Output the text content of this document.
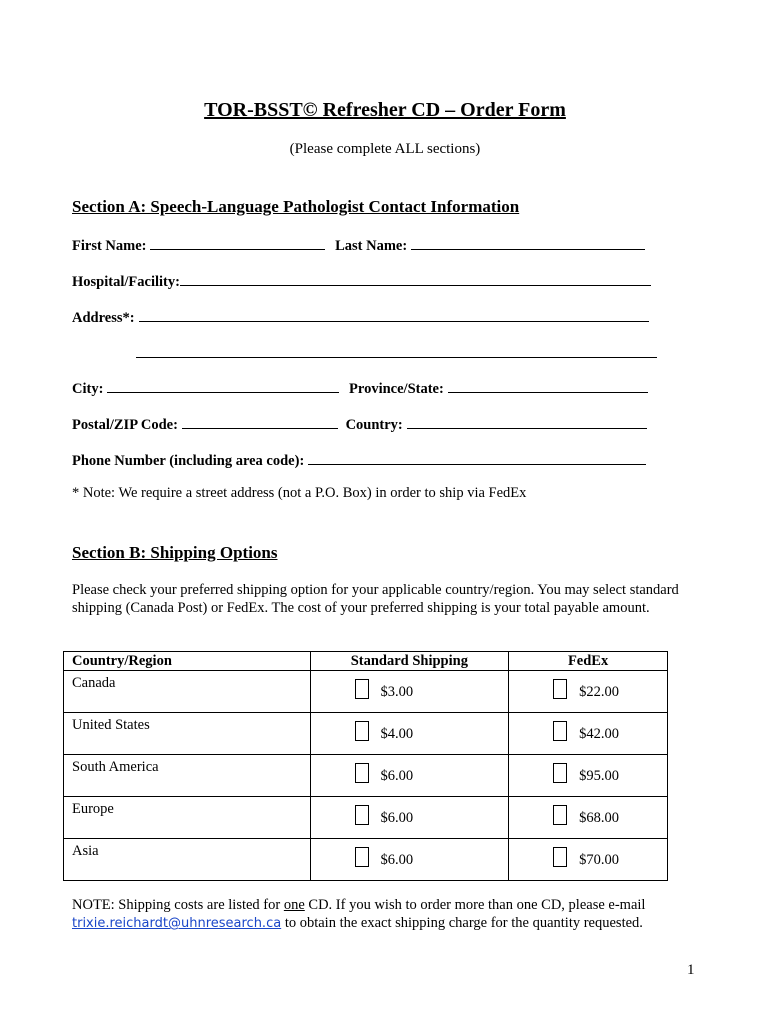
TOR-BSST© Refresher CD – Order Form
(Please complete ALL sections)
Section A: Speech-Language Pathologist Contact Information
First Name:	Last Name:
Hospital/Facility:
Address*:
City:	Province/State:
Postal/ZIP Code:	Country:
Phone Number (including area code):
* Note: We require a street address (not a P.O. Box) in order to ship via FedEx
Section B: Shipping Options
Please check your preferred shipping option for your applicable country/region. You may select standard shipping (Canada Post) or FedEx. The cost of your preferred shipping is your total payable amount.
Country/Region	Standard Shipping	FedEx
Canada	$3.00	$22.00

United States	$4.00	$42.00

South America	$6.00	$95.00

Europe	$6.00	$68.00

Asia	$6.00	$70.00
NOTE: Shipping costs are listed for one CD. If you wish to order more than one CD, please e-mail trixie.reichardt@uhnresearch.ca to obtain the exact shipping charge for the quantity requested.
1
